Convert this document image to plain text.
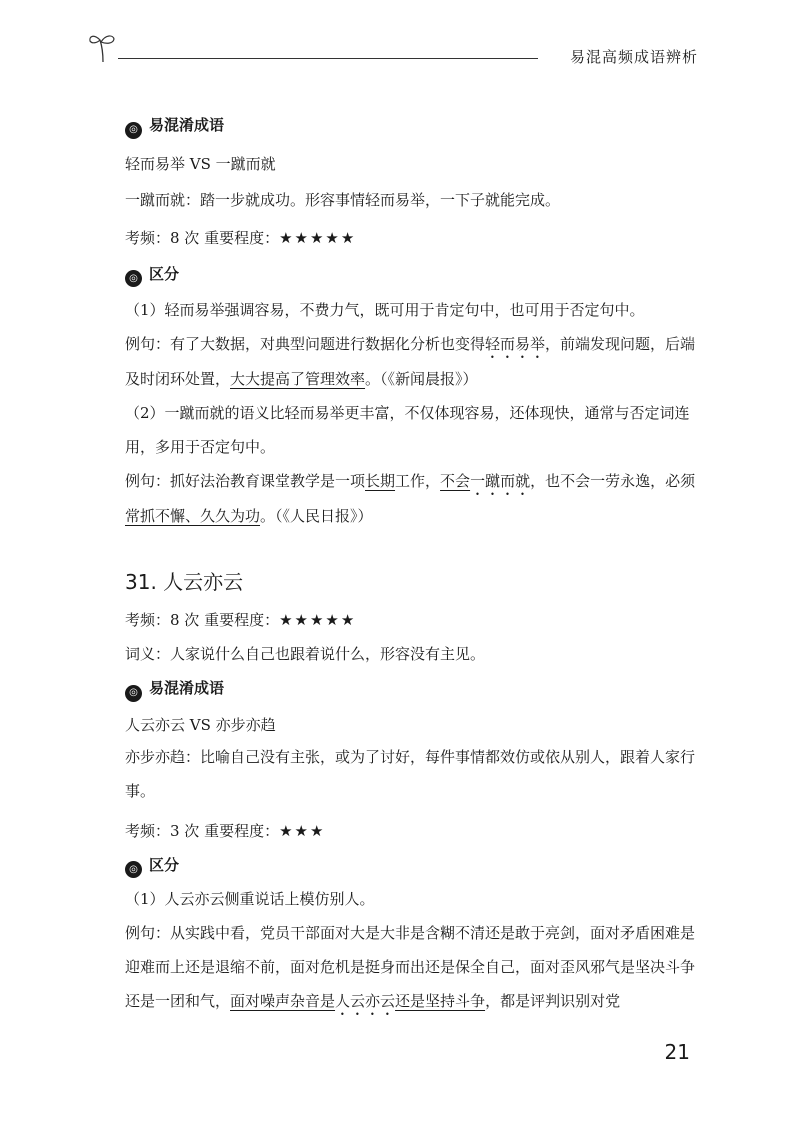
易混高频成语辨析

◎ 易混淆成语

轻而易举 VS 一蹴而就

一蹴而就：踏一步就成功。形容事情轻而易举，一下子就能完成。

考频：8 次 重要程度：★★★★★

◎ 区分

（1）轻而易举强调容易，不费力气，既可用于肯定句中，也可用于否定句中。

例句：有了大数据，对典型问题进行数据化分析也变得轻而易举，前端发现问题，后端及时闭环处置，大大提高了管理效率。（《新闻晨报》）

（2）一蹴而就的语义比轻而易举更丰富，不仅体现容易，还体现快，通常与否定词连用，多用于否定句中。

例句：抓好法治教育课堂教学是一项长期工作，不会一蹴而就，也不会一劳永逸，必须常抓不懈、久久为功。（《人民日报》）

31. 人云亦云

考频：8 次 重要程度：★★★★★

词义：人家说什么自己也跟着说什么，形容没有主见。

◎ 易混淆成语

人云亦云 VS 亦步亦趋

亦步亦趋：比喻自己没有主张，或为了讨好，每件事情都效仿或依从别人，跟着人家行事。

考频：3 次 重要程度：★★★

◎ 区分

（1）人云亦云侧重说话上模仿别人。

例句：从实践中看，党员干部面对大是大非是含糊不清还是敢于亮剑，面对矛盾困难是迎难而上还是退缩不前，面对危机是挺身而出还是保全自己，面对歪风邪气是坚决斗争还是一团和气，面对噪声杂音是人云亦云还是坚持斗争，都是评判识别对党

21
